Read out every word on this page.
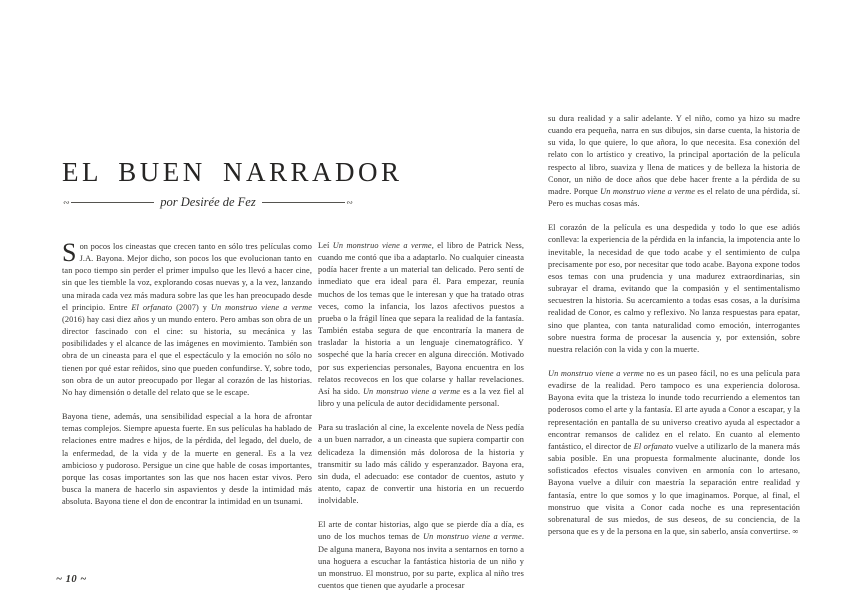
EL BUEN NARRADOR
∾	por Desirée de Fez	∾

Son pocos los cineastas que crecen tanto en sólo tres películas como J.A. Bayona. Mejor dicho, son pocos los que evolucionan tanto en tan poco tiempo sin perder el primer impulso que les llevó a hacer cine, sin que les tiemble la voz, explorando cosas nuevas y, a la vez, lanzando una mirada cada vez más madura sobre las que les han preocupado desde el principio. Entre El orfanato (2007) y Un monstruo viene a verme (2016) hay casi diez años y un mundo entero. Pero ambas son obra de un director fascinado con el cine: su historia, su mecánica y las posibilidades y el alcance de las imágenes en movimiento. También son obra de un cineasta para el que el espectáculo y la emoción no sólo no tienen por qué estar reñidos, sino que pueden confundirse. Y, sobre todo, son obra de un autor preocupado por llegar al corazón de las historias. No hay dimensión o detalle del relato que se le escape.

Bayona tiene, además, una sensibilidad especial a la hora de afrontar temas complejos. Siempre apuesta fuerte. En sus películas ha hablado de relaciones entre madres e hijos, de la pérdida, del legado, del duelo, de la enfermedad, de la vida y de la muerte en general. Es a la vez ambicioso y pudoroso. Persigue un cine que hable de cosas importantes, porque las cosas importantes son las que nos hacen estar vivos. Pero busca la manera de hacerlo sin aspavientos y desde la intimidad más absoluta. Bayona tiene el don de encontrar la intimidad en un tsunami.

Leí Un monstruo viene a verme, el libro de Patrick Ness, cuando me contó que iba a adaptarlo. No cualquier cineasta podía hacer frente a un material tan delicado. Pero sentí de inmediato que era ideal para él. Para empezar, reunía muchos de los temas que le interesan y que ha tratado otras veces, como la infancia, los lazos afectivos puestos a prueba o la frágil línea que separa la realidad de la fantasía. También estaba segura de que encontraría la manera de trasladar la historia a un lenguaje cinematográfico. Y sospeché que la haría crecer en alguna dirección. Motivado por sus experiencias personales, Bayona encuentra en los relatos recovecos en los que colarse y hallar revelaciones. Así ha sido. Un monstruo viene a verme es a la vez fiel al libro y una película de autor decididamente personal.

Para su traslación al cine, la excelente novela de Ness pedía a un buen narrador, a un cineasta que supiera compartir con delicadeza la dimensión más dolorosa de la historia y transmitir su lado más cálido y esperanzador. Bayona era, sin duda, el adecuado: ese contador de cuentos, astuto y atento, capaz de convertir una historia en un recuerdo inolvidable.

El arte de contar historias, algo que se pierde día a día, es uno de los muchos temas de Un monstruo viene a verme. De alguna manera, Bayona nos invita a sentarnos en torno a una hoguera a escuchar la fantástica historia de un niño y un monstruo. El monstruo, por su parte, explica al niño tres cuentos que tienen que ayudarle a procesar

su dura realidad y a salir adelante. Y el niño, como ya hizo su madre cuando era pequeña, narra en sus dibujos, sin darse cuenta, la historia de su vida, lo que quiere, lo que añora, lo que necesita. Esa conexión del relato con lo artístico y creativo, la principal aportación de la película respecto al libro, suaviza y llena de matices y de belleza la historia de Conor, un niño de doce años que debe hacer frente a la pérdida de su madre. Porque Un monstruo viene a verme es el relato de una pérdida, sí. Pero es muchas cosas más.

El corazón de la película es una despedida y todo lo que ese adiós conlleva: la experiencia de la pérdida en la infancia, la impotencia ante lo inevitable, la necesidad de que todo acabe y el sentimiento de culpa precisamente por eso, por necesitar que todo acabe. Bayona expone todos esos temas con una prudencia y una madurez extraordinarias, sin subrayar el drama, evitando que la compasión y el sentimentalismo secuestren la historia. Su acercamiento a todas esas cosas, a la durísima realidad de Conor, es calmo y reflexivo. No lanza respuestas para epatar, sino que plantea, con tanta naturalidad como emoción, interrogantes sobre nuestra forma de procesar la ausencia y, por extensión, sobre nuestra relación con la vida y con la muerte.

Un monstruo viene a verme no es un paseo fácil, no es una película para evadirse de la realidad. Pero tampoco es una experiencia dolorosa. Bayona evita que la tristeza lo inunde todo recurriendo a elementos tan poderosos como el arte y la fantasía. El arte ayuda a Conor a escapar, y la representación en pantalla de su universo creativo ayuda al espectador a encontrar remansos de calidez en el relato. En cuanto al elemento fantástico, el director de El orfanato vuelve a utilizarlo de la manera más sabia posible. En una propuesta formalmente alucinante, donde los sofisticados efectos visuales conviven en armonía con lo artesano, Bayona vuelve a diluir con maestría la separación entre realidad y fantasía, entre lo que somos y lo que imaginamos. Porque, al final, el monstruo que visita a Conor cada noche es una representación sobrenatural de sus miedos, de sus deseos, de su conciencia, de la persona que es y de la persona en la que, sin saberlo, ansía convertirse. ∞

~ 10 ~
